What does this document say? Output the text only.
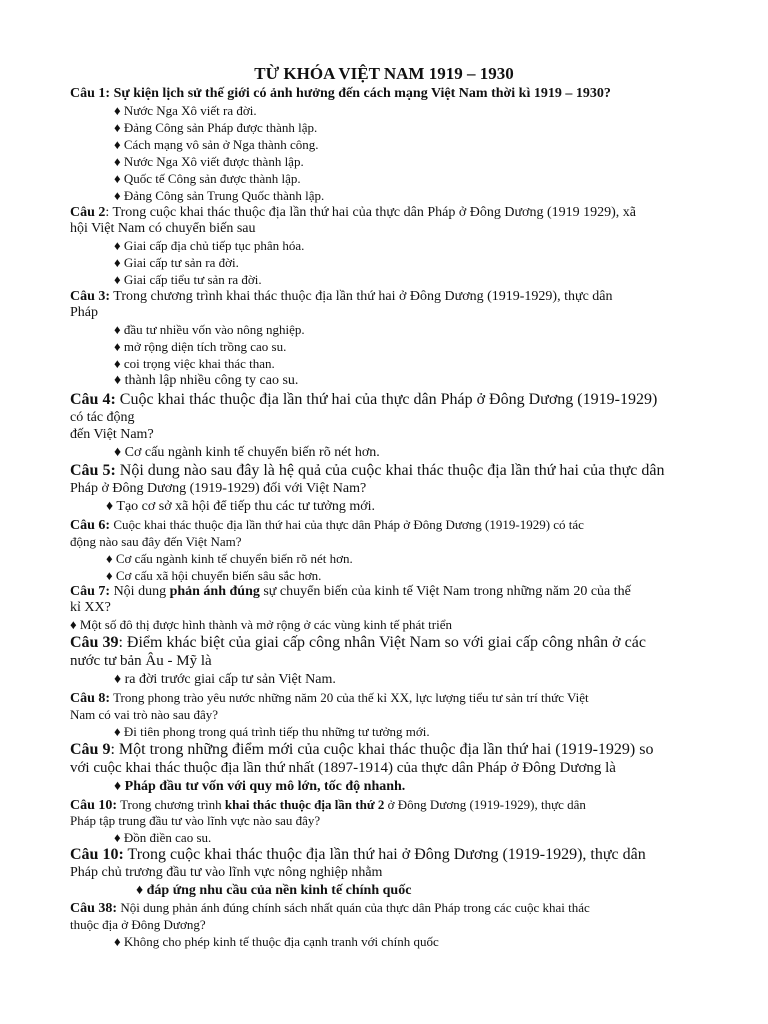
TỪ KHÓA VIỆT NAM 1919 – 1930
Câu 1: Sự kiện lịch sử thế giới có ảnh hưởng đến cách mạng Việt Nam thời kì 1919 – 1930?
♦ Nước Nga Xô viết ra đời.
♦ Đảng Công sản Pháp được thành lập.
♦ Cách mạng vô sản ở Nga thành công.
♦ Nước Nga Xô viết được thành lập.
♦ Quốc tế Công sản được thành lập.
♦ Đảng Công sản Trung Quốc thành lập.
Câu 2: Trong cuộc khai thác thuộc địa lần thứ hai của thực dân Pháp ở Đông Dương (1919 1929), xã
hội Việt Nam có chuyển biến sau
♦ Giai cấp địa chủ tiếp tục phân hóa.
♦ Giai cấp tư sản ra đời.
♦ Giai cấp tiểu tư sản ra đời.
Câu 3: Trong chương trình khai thác thuộc địa lần thứ hai ở Đông Dương (1919-1929), thực dân
Pháp
♦ đầu tư nhiều vốn vào nông nghiệp.
♦ mở rộng diện tích trồng cao su.
♦ coi trọng việc khai thác than.
♦ thành lập nhiều công ty cao su.
Câu 4: Cuộc khai thác thuộc địa lần thứ hai của thực dân Pháp ở Đông Dương (1919-1929)
có tác động
đến Việt Nam?
♦ Cơ cấu ngành kinh tế chuyển biến rõ nét hơn.
Câu 5: Nội dung nào sau đây là hệ quả của cuộc khai thác thuộc địa lần thứ hai của thực dân
Pháp ở Đông Dương (1919-1929) đối với Việt Nam?
♦ Tạo cơ sở xã hội để tiếp thu các tư tưởng mới.
Câu 6: Cuộc khai thác thuộc địa lần thứ hai của thực dân Pháp ở Đông Dương (1919-1929) có tác
động nào sau đây đến Việt Nam?
♦ Cơ cấu ngành kinh tế chuyển biến rõ nét hơn.
♦ Cơ cấu xã hội chuyển biến sâu sắc hơn.
Câu 7: Nội dung phản ánh đúng sự chuyển biến của kinh tế Việt Nam trong những năm 20 của thế
kỉ XX?
♦ Một số đô thị được hình thành và mở rộng ở các vùng kinh tế phát triển
Câu 39: Điểm khác biệt của giai cấp công nhân Việt Nam so với giai cấp công nhân ở các
nước tư bản Âu - Mỹ là
♦ ra đời trước giai cấp tư sản Việt Nam.
Câu 8: Trong phong trào yêu nước những năm 20 của thế kỉ XX, lực lượng tiểu tư sản trí thức Việt
Nam có vai trò nào sau đây?
♦ Đi tiên phong trong quá trình tiếp thu những tư tưởng mới.
Câu 9: Một trong những điểm mới của cuộc khai thác thuộc địa lần thứ hai (1919-1929) so
với cuộc khai thác thuộc địa lần thứ nhất (1897-1914) của thực dân Pháp ở Đông Dương là
♦ Pháp đầu tư vốn với quy mô lớn, tốc độ nhanh.
Câu 10: Trong chương trình khai thác thuộc địa lần thứ 2 ở Đông Dương (1919-1929), thực dân
Pháp tập trung đầu tư vào lĩnh vực nào sau đây?
♦ Đồn điền cao su.
Câu 10: Trong cuộc khai thác thuộc địa lần thứ hai ở Đông Dương (1919-1929), thực dân
Pháp chủ trương đầu tư vào lĩnh vực nông nghiệp nhằm
♦ đáp ứng nhu cầu của nền kinh tế chính quốc
Câu 38: Nội dung phản ánh đúng chính sách nhất quán của thực dân Pháp trong các cuộc khai thác
thuộc địa ở Đông Dương?
♦ Không cho phép kinh tế thuộc địa cạnh tranh với chính quốc
